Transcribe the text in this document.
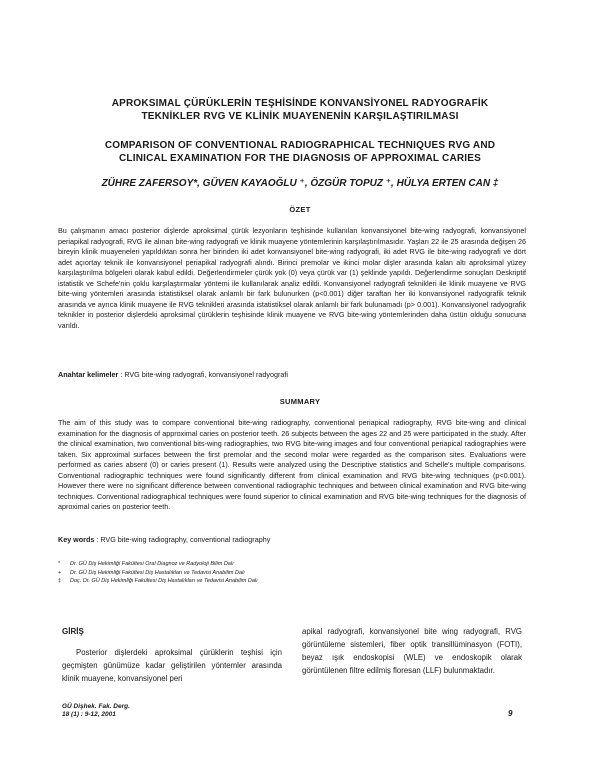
APROKSIMAL ÇÜRÜKLERİN TEŞHİSİNDE KONVANSİYONEL RADYOGRAFİK
TEKNİKLER RVG VE KLİNİK MUAYENENİN KARŞILAŞTIRILMASI
COMPARISON OF CONVENTIONAL RADIOGRAPHICAL TECHNIQUES RVG AND
CLINICAL EXAMINATION FOR THE DIAGNOSIS OF APPROXIMAL CARIES
ZÜHRE ZAFERSOY*, GÜVEN KAYAOĞLU ⁺, ÖZGÜR TOPUZ ⁺, HÜLYA ERTEN CAN ‡
ÖZET

Bu çalışmanın amacı posterior dişlerde aproksimal çürük lezyonların teşhisinde kullanılan konvansiyonel bite-wing radyografi, konvansiyonel periapikal radyografi, RVG ile alınan bite-wing radyografi ve klinik muayene yöntemlerinin karşılaştırılmasıdır. Yaşları 22 ile 25 arasında değişen 26 bireyin klinik muayeneleri yapıldıktan sonra her birinden iki adet konvansiyonel bite-wing radyografi, iki adet RVG ile bite-wing radyografi ve dört adet açıortay teknik ile konvansiyonel periapikal radyografi alındı. Birinci premolar ve ikinci molar dişler arasında kalan altı aproksimal yüzey karşılaştırılma bölgeleri olarak kabul edildi. Değerlendirmeler çürük yok (0) veya çürük var (1) şeklinde yapıldı. Değerlendirme sonuçları Deskriptif istatistik ve Schefe'nin çoklu karşılaştırmalar yöntemi ile kullanılarak analiz edildi. Konvansiyonel radyografi teknikleri ile klinik muayene ve RVG bite-wing yöntemleri arasında istatistiksel olarak anlamlı bir fark bulunurken (p<0.001) diğer taraftan her iki konvansiyonel radyografik teknik arasında ve ayrıca klinik muayene ile RVG teknikleri arasında istatistiksel olarak anlamlı bir fark bulunamadı (p> 0.001). Konvansiyonel radyografik teknikler in posterior dişlerdeki aproksimal çürüklerin teşhisinde klinik muayene ve RVG bite-wing yöntemlerinden daha üstün olduğu sonucuna varıldı.

Anahtar kelimeler : RVG bite-wing radyografi, konvansiyonel radyografi
SUMMARY

The aim of this study was to compare conventional bite-wing radiography, conventional periapical radiography, RVG bite-wing and clinical examination for the diagnosis of approximal caries on posterior teeth. 26 subjects between the ages 22 and 25 were participated in the study. After the clinical examination, two conventional bits-wing radiographies, two RVG bite-wing images and four conventional periapical radiographies were taken. Six approximal surfaces between the first premolar and the second molar were regarded as the comparison sites. Evaluations were performed as caries absent (0) or caries present (1). Results were analyzed using the Descriptive statistics and Schelle's multiple comparisons. Conventional radiographic techniques were found significantly different from clinical examination and RVG bite-wing techniques (p<0.001). However there were no significant difference between conventional radiographic techniques and between clinical examination and RVG bite-wing techniques. Conventional radiographical techniques were found superior to clinical examination and RVG bite-wing techniques for the diagnosis of aproximal caries on posterior teeth.

Key words : RVG bite-wing radiography, conventional radiography
*	Dr. GÜ Diş Hekimliği Fakültesi Oral Diagnoz ve Radyoloji Bilim Dalı
+	Dr. GÜ Diş Hekimliği Fakültesi Diş Hastalıkları ve Tedavisi Anabilim Dalı
‡	Doç. Dr. GÜ Diş Hekimliği Fakültesi Diş Hastalıkları ve Tedavisi Anabilim Dalı
GİRİŞ

Posterior dişlerdeki aproksimal çürüklerin teşhisi için geçmişten günümüze kadar geliştirilen yöntemler arasında klinik muayene, konvansiyonel peri

apikal radyografi, konvansiyonel bite wing radyografi, RVG görüntüleme sistemleri, fiber optik transillüminasyon (FOTI), beyaz ışık endoskopisi (WLE) ve endoskopik olarak görüntülenen filtre edilmiş floresan (LLF) bulunmaktadır.

GÜ Dişhek. Fak. Derg.
18 (1) : 9-12, 2001	9
